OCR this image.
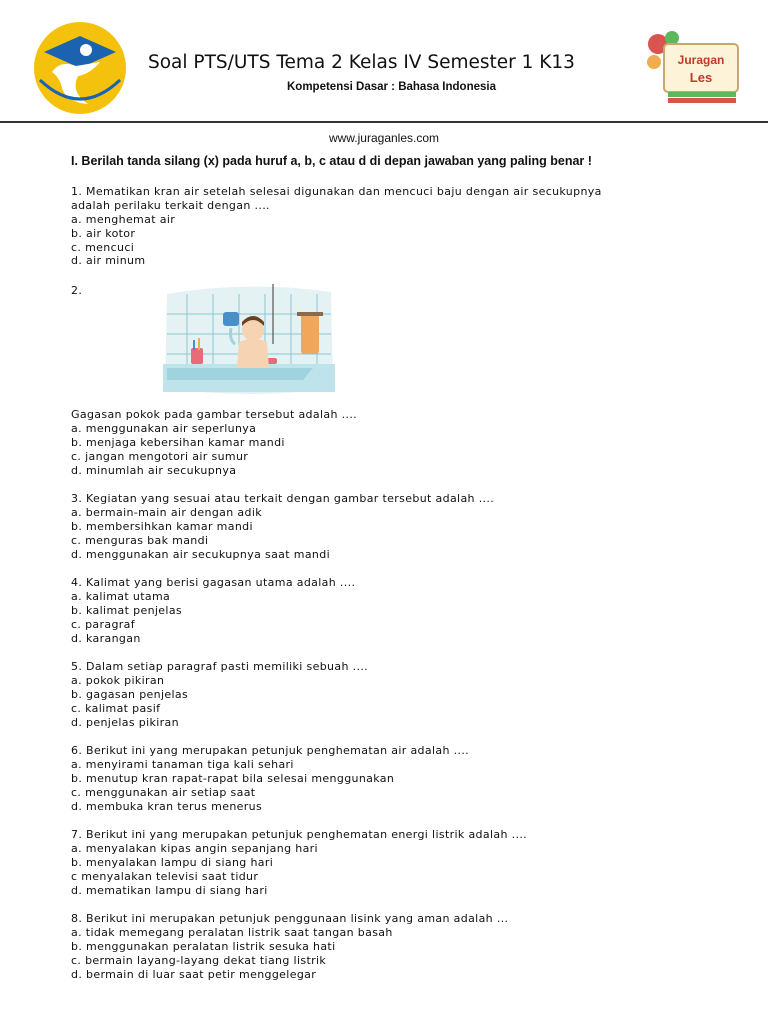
Soal PTS/UTS Tema 2 Kelas IV Semester 1 K13
Kompetensi Dasar : Bahasa Indonesia
Juragan
Les
www.juraganles.com
I. Berilah tanda silang (x) pada huruf a, b, c atau d di depan jawaban yang paling benar !
1. Mematikan kran air setelah selesai digunakan dan mencuci baju dengan air secukupnya
adalah perilaku terkait dengan ....
a. menghemat air
b. air kotor
c. mencuci
d. air minum
2.
Gagasan pokok pada gambar tersebut adalah ....
a. menggunakan air seperlunya
b. menjaga kebersihan kamar mandi
c. jangan mengotori air sumur
d. minumlah air secukupnya
3. Kegiatan yang sesuai atau terkait dengan gambar tersebut adalah ....
a. bermain-main air dengan adik
b. membersihkan kamar mandi
c. menguras bak mandi
d. menggunakan air secukupnya saat mandi
4. Kalimat yang berisi gagasan utama adalah ....
a. kalimat utama
b. kalimat penjelas
c. paragraf
d. karangan
5. Dalam setiap paragraf pasti memiliki sebuah ....
a. pokok pikiran
b. gagasan penjelas
c. kalimat pasif
d. penjelas pikiran
6. Berikut ini yang merupakan petunjuk penghematan air adalah ....
a. menyirami tanaman tiga kali sehari
b. menutup kran rapat-rapat bila selesai menggunakan
c. menggunakan air setiap saat
d. membuka kran terus menerus
7. Berikut ini yang merupakan petunjuk penghematan energi listrik adalah ....
a. menyalakan kipas angin sepanjang hari
b. menyalakan lampu di siang hari
c menyalakan televisi saat tidur
d. mematikan lampu di siang hari
8. Berikut ini merupakan petunjuk penggunaan lisink yang aman adalah ...
a. tidak memegang peralatan listrik saat tangan basah
b. menggunakan peralatan listrik sesuka hati
c. bermain layang-layang dekat tiang listrik
d. bermain di luar saat petir menggelegar
